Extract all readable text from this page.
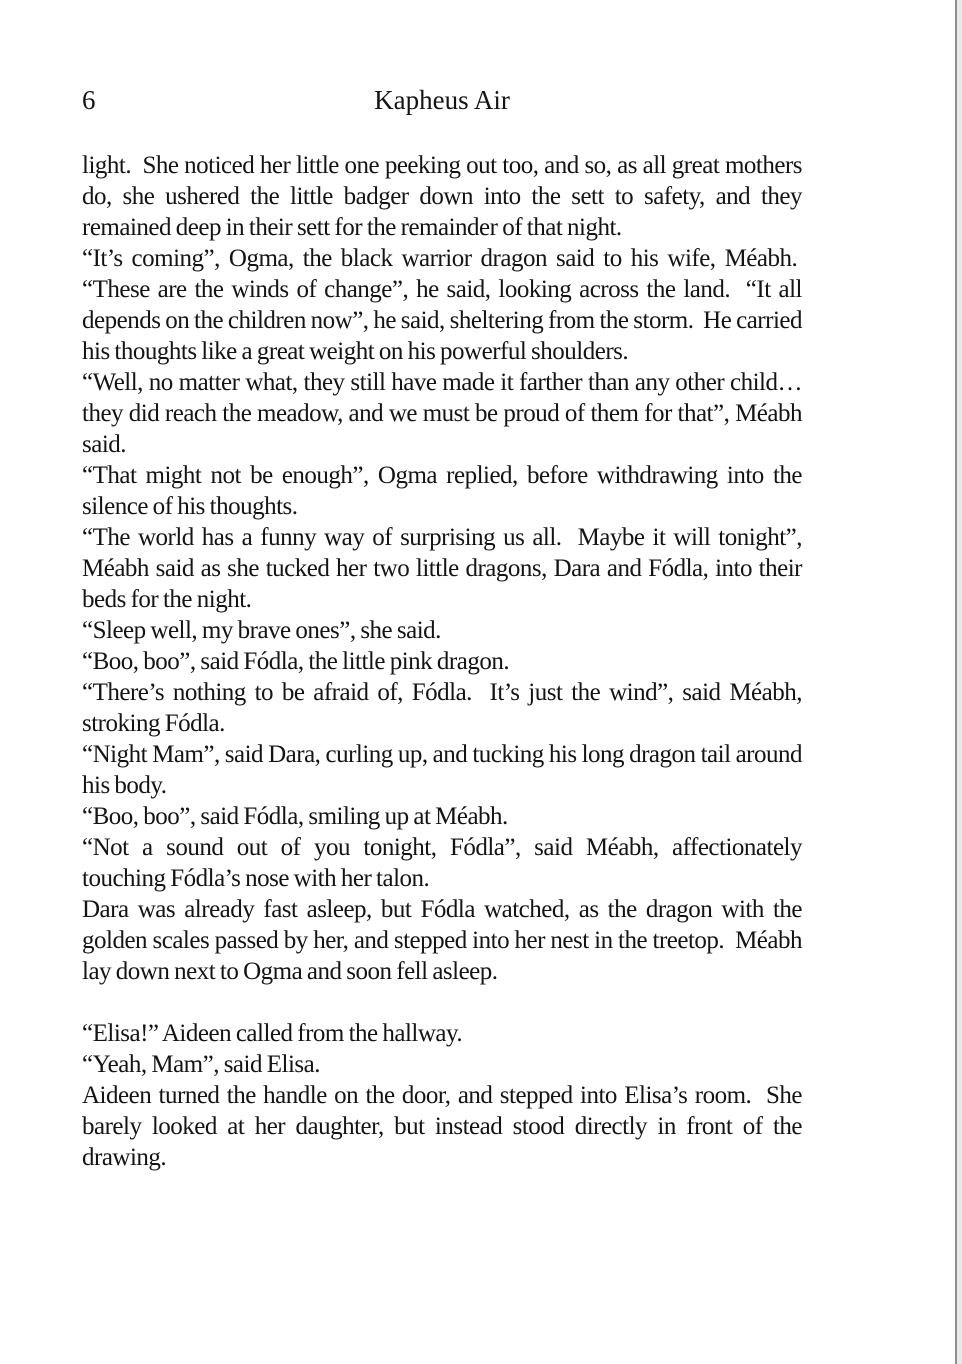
6	Kapheus Air

light.  She noticed her little one peeking out too, and so, as all great mothers do, she ushered the little badger down into the sett to safety, and they remained deep in their sett for the remainder of that night.

“It’s coming”, Ogma, the black warrior dragon said to his wife, Méabh.  “These are the winds of change”, he said, looking across the land.  “It all depends on the children now”, he said, sheltering from the storm.  He carried his thoughts like a great weight on his powerful shoulders.

“Well, no matter what, they still have made it farther than any other child… they did reach the meadow, and we must be proud of them for that”, Méabh said.

“That might not be enough”, Ogma replied, before withdrawing into the silence of his thoughts.

“The world has a funny way of surprising us all.  Maybe it will tonight”, Méabh said as she tucked her two little dragons, Dara and Fódla, into their beds for the night.

“Sleep well, my brave ones”, she said.

“Boo, boo”, said Fódla, the little pink dragon.

“There’s nothing to be afraid of, Fódla.  It’s just the wind”, said Méabh, stroking Fódla.

“Night Mam”, said Dara, curling up, and tucking his long dragon tail around his body.

“Boo, boo”, said Fódla, smiling up at Méabh.

“Not a sound out of you tonight, Fódla”, said Méabh, affectionately touching Fódla’s nose with her talon.

Dara was already fast asleep, but Fódla watched, as the dragon with the golden scales passed by her, and stepped into her nest in the treetop.  Méabh lay down next to Ogma and soon fell asleep.

“Elisa!” Aideen called from the hallway.

“Yeah, Mam”, said Elisa.

Aideen turned the handle on the door, and stepped into Elisa’s room.  She barely looked at her daughter, but instead stood directly in front of the drawing.
